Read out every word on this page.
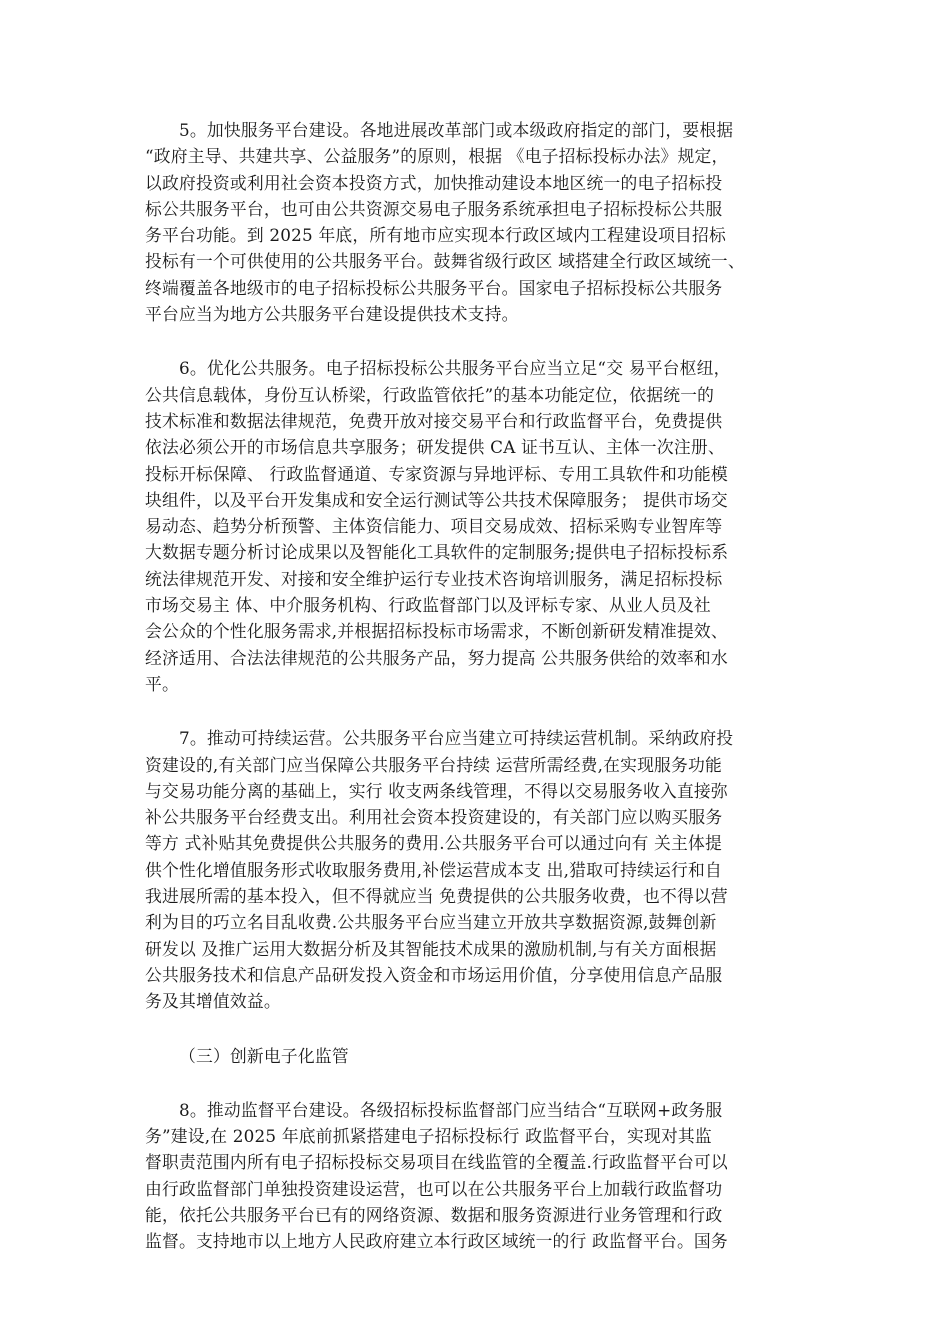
5。加快服务平台建设。各地进展改革部门或本级政府指定的部门，要根据
“政府主导、共建共享、公益服务”的原则，根据 《电子招标投标办法》规定，
以政府投资或利用社会资本投资方式，加快推动建设本地区统一的电子招标投
标公共服务平台，也可由公共资源交易电子服务系统承担电子招标投标公共服
务平台功能。到 2025 年底，所有地市应实现本行政区域内工程建设项目招标
投标有一个可供使用的公共服务平台。鼓舞省级行政区 域搭建全行政区域统一、
终端覆盖各地级市的电子招标投标公共服务平台。国家电子招标投标公共服务
平台应当为地方公共服务平台建设提供技术支持。
6。优化公共服务。电子招标投标公共服务平台应当立足“交 易平台枢纽，
公共信息载体，身份互认桥梁，行政监管依托”的基本功能定位，依据统一的
技术标准和数据法律规范，免费开放对接交易平台和行政监督平台，免费提供
依法必须公开的市场信息共享服务；研发提供 CA 证书互认、主体一次注册、
投标开标保障、 行政监督通道、专家资源与异地评标、专用工具软件和功能模
块组件，以及平台开发集成和安全运行测试等公共技术保障服务； 提供市场交
易动态、趋势分析预警、主体资信能力、项目交易成效、招标采购专业智库等
大数据专题分析讨论成果以及智能化工具软件的定制服务;提供电子招标投标系
统法律规范开发、对接和安全维护运行专业技术咨询培训服务，满足招标投标
市场交易主 体、中介服务机构、行政监督部门以及评标专家、从业人员及社
会公众的个性化服务需求,并根据招标投标市场需求，不断创新研发精准提效、
经济适用、合法法律规范的公共服务产品，努力提高 公共服务供给的效率和水
平。
7。推动可持续运营。公共服务平台应当建立可持续运营机制。采纳政府投
资建设的,有关部门应当保障公共服务平台持续 运营所需经费,在实现服务功能
与交易功能分离的基础上，实行 收支两条线管理，不得以交易服务收入直接弥
补公共服务平台经费支出。利用社会资本投资建设的，有关部门应以购买服务
等方 式补贴其免费提供公共服务的费用.公共服务平台可以通过向有 关主体提
供个性化增值服务形式收取服务费用,补偿运营成本支 出,猎取可持续运行和自
我进展所需的基本投入，但不得就应当 免费提供的公共服务收费，也不得以营
利为目的巧立名目乱收费.公共服务平台应当建立开放共享数据资源,鼓舞创新
研发以 及推广运用大数据分析及其智能技术成果的激励机制,与有关方面根据
公共服务技术和信息产品研发投入资金和市场运用价值，分享使用信息产品服
务及其增值效益。
（三）创新电子化监管
8。推动监督平台建设。各级招标投标监督部门应当结合“互联网+政务服
务”建设,在 2025 年底前抓紧搭建电子招标投标行 政监督平台，实现对其监
督职责范围内所有电子招标投标交易项目在线监管的全覆盖.行政监督平台可以
由行政监督部门单独投资建设运营，也可以在公共服务平台上加载行政监督功
能，依托公共服务平台已有的网络资源、数据和服务资源进行业务管理和行政
监督。支持地市以上地方人民政府建立本行政区域统一的行 政监督平台。国务
